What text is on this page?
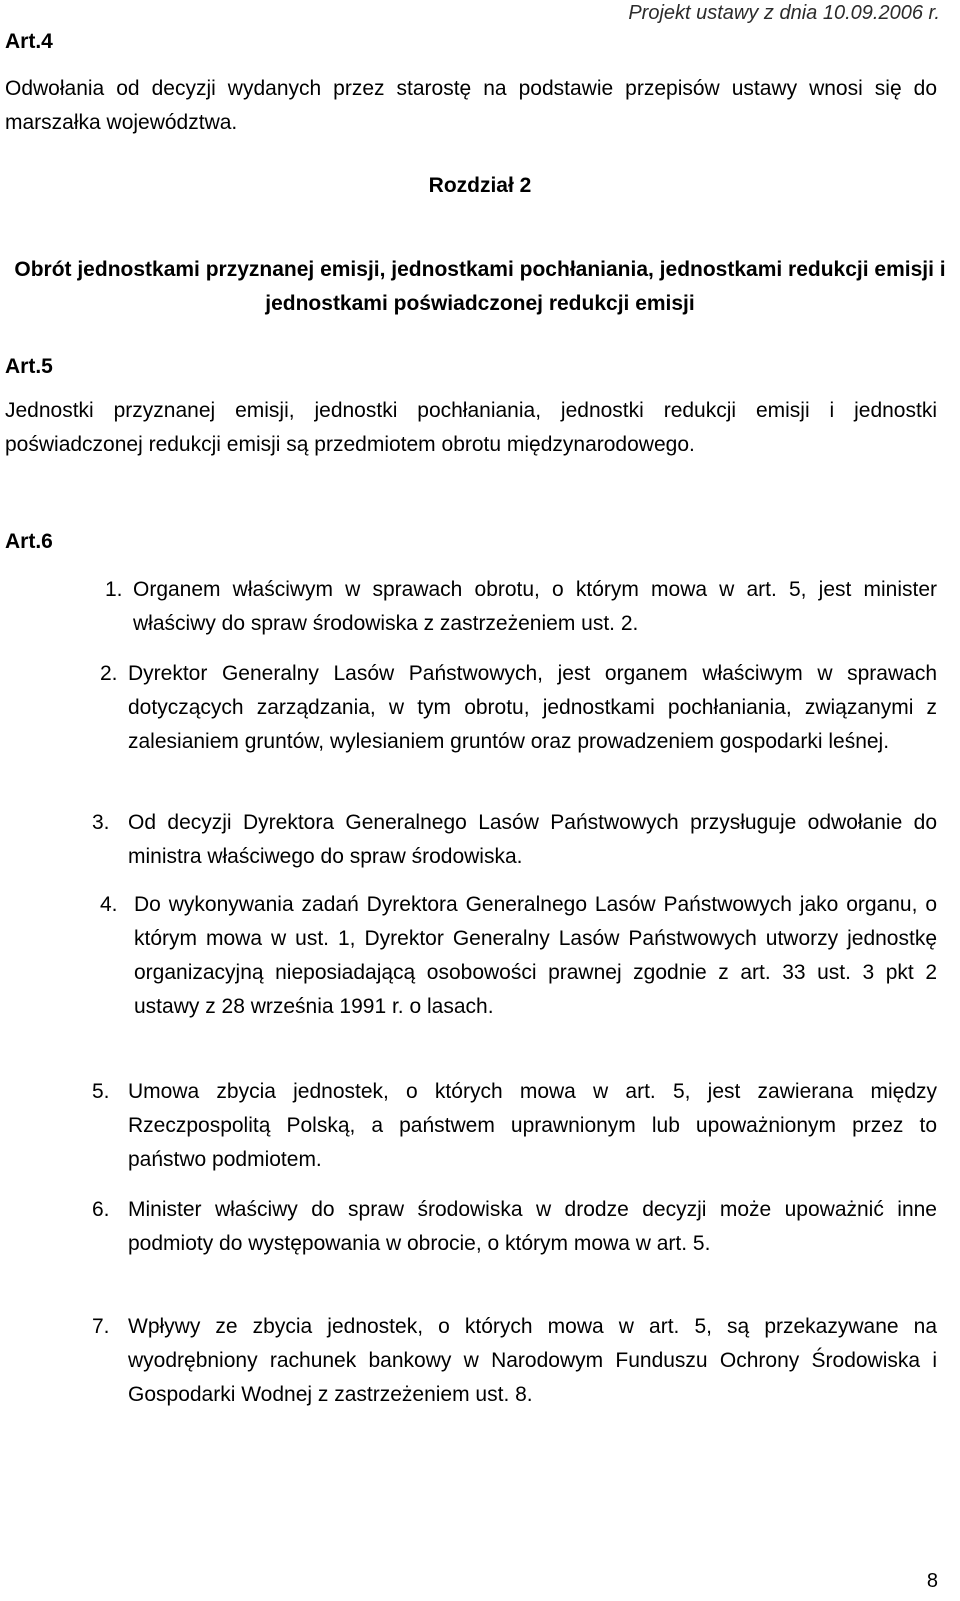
Projekt ustawy z dnia 10.09.2006 r.
Art.4
Odwołania od decyzji wydanych przez starostę na podstawie przepisów ustawy wnosi się do marszałka województwa.
Rozdział 2
Obrót jednostkami przyznanej emisji, jednostkami pochłaniania, jednostkami redukcji emisji i jednostkami poświadczonej redukcji emisji
Art.5
Jednostki przyznanej emisji, jednostki pochłaniania, jednostki redukcji emisji i jednostki poświadczonej redukcji emisji są przedmiotem obrotu międzynarodowego.
Art.6
1. Organem właściwym w sprawach obrotu, o którym mowa w art. 5, jest minister właściwy do spraw środowiska z zastrzeżeniem ust. 2.
2. Dyrektor Generalny Lasów Państwowych, jest organem właściwym w sprawach dotyczących zarządzania, w tym obrotu, jednostkami pochłaniania, związanymi z zalesianiem gruntów, wylesianiem gruntów oraz prowadzeniem gospodarki leśnej.
3. Od decyzji Dyrektora Generalnego Lasów Państwowych przysługuje odwołanie do ministra właściwego do spraw środowiska.
4. Do wykonywania zadań Dyrektora Generalnego Lasów Państwowych jako organu, o którym mowa w ust. 1, Dyrektor Generalny Lasów Państwowych utworzy jednostkę organizacyjną nieposiadającą osobowości prawnej zgodnie z art. 33 ust. 3 pkt 2 ustawy z 28 września 1991 r. o lasach.
5. Umowa zbycia jednostek, o których mowa w art. 5, jest zawierana między Rzeczpospolitą Polską, a państwem uprawnionym lub upoważnionym przez to państwo podmiotem.
6. Minister właściwy do spraw środowiska w drodze decyzji może upoważnić inne podmioty do występowania w obrocie, o którym mowa w art. 5.
7. Wpływy ze zbycia jednostek, o których mowa w art. 5, są przekazywane na wyodrębniony rachunek bankowy w Narodowym Funduszu Ochrony Środowiska i Gospodarki Wodnej z zastrzeżeniem ust. 8.
8
